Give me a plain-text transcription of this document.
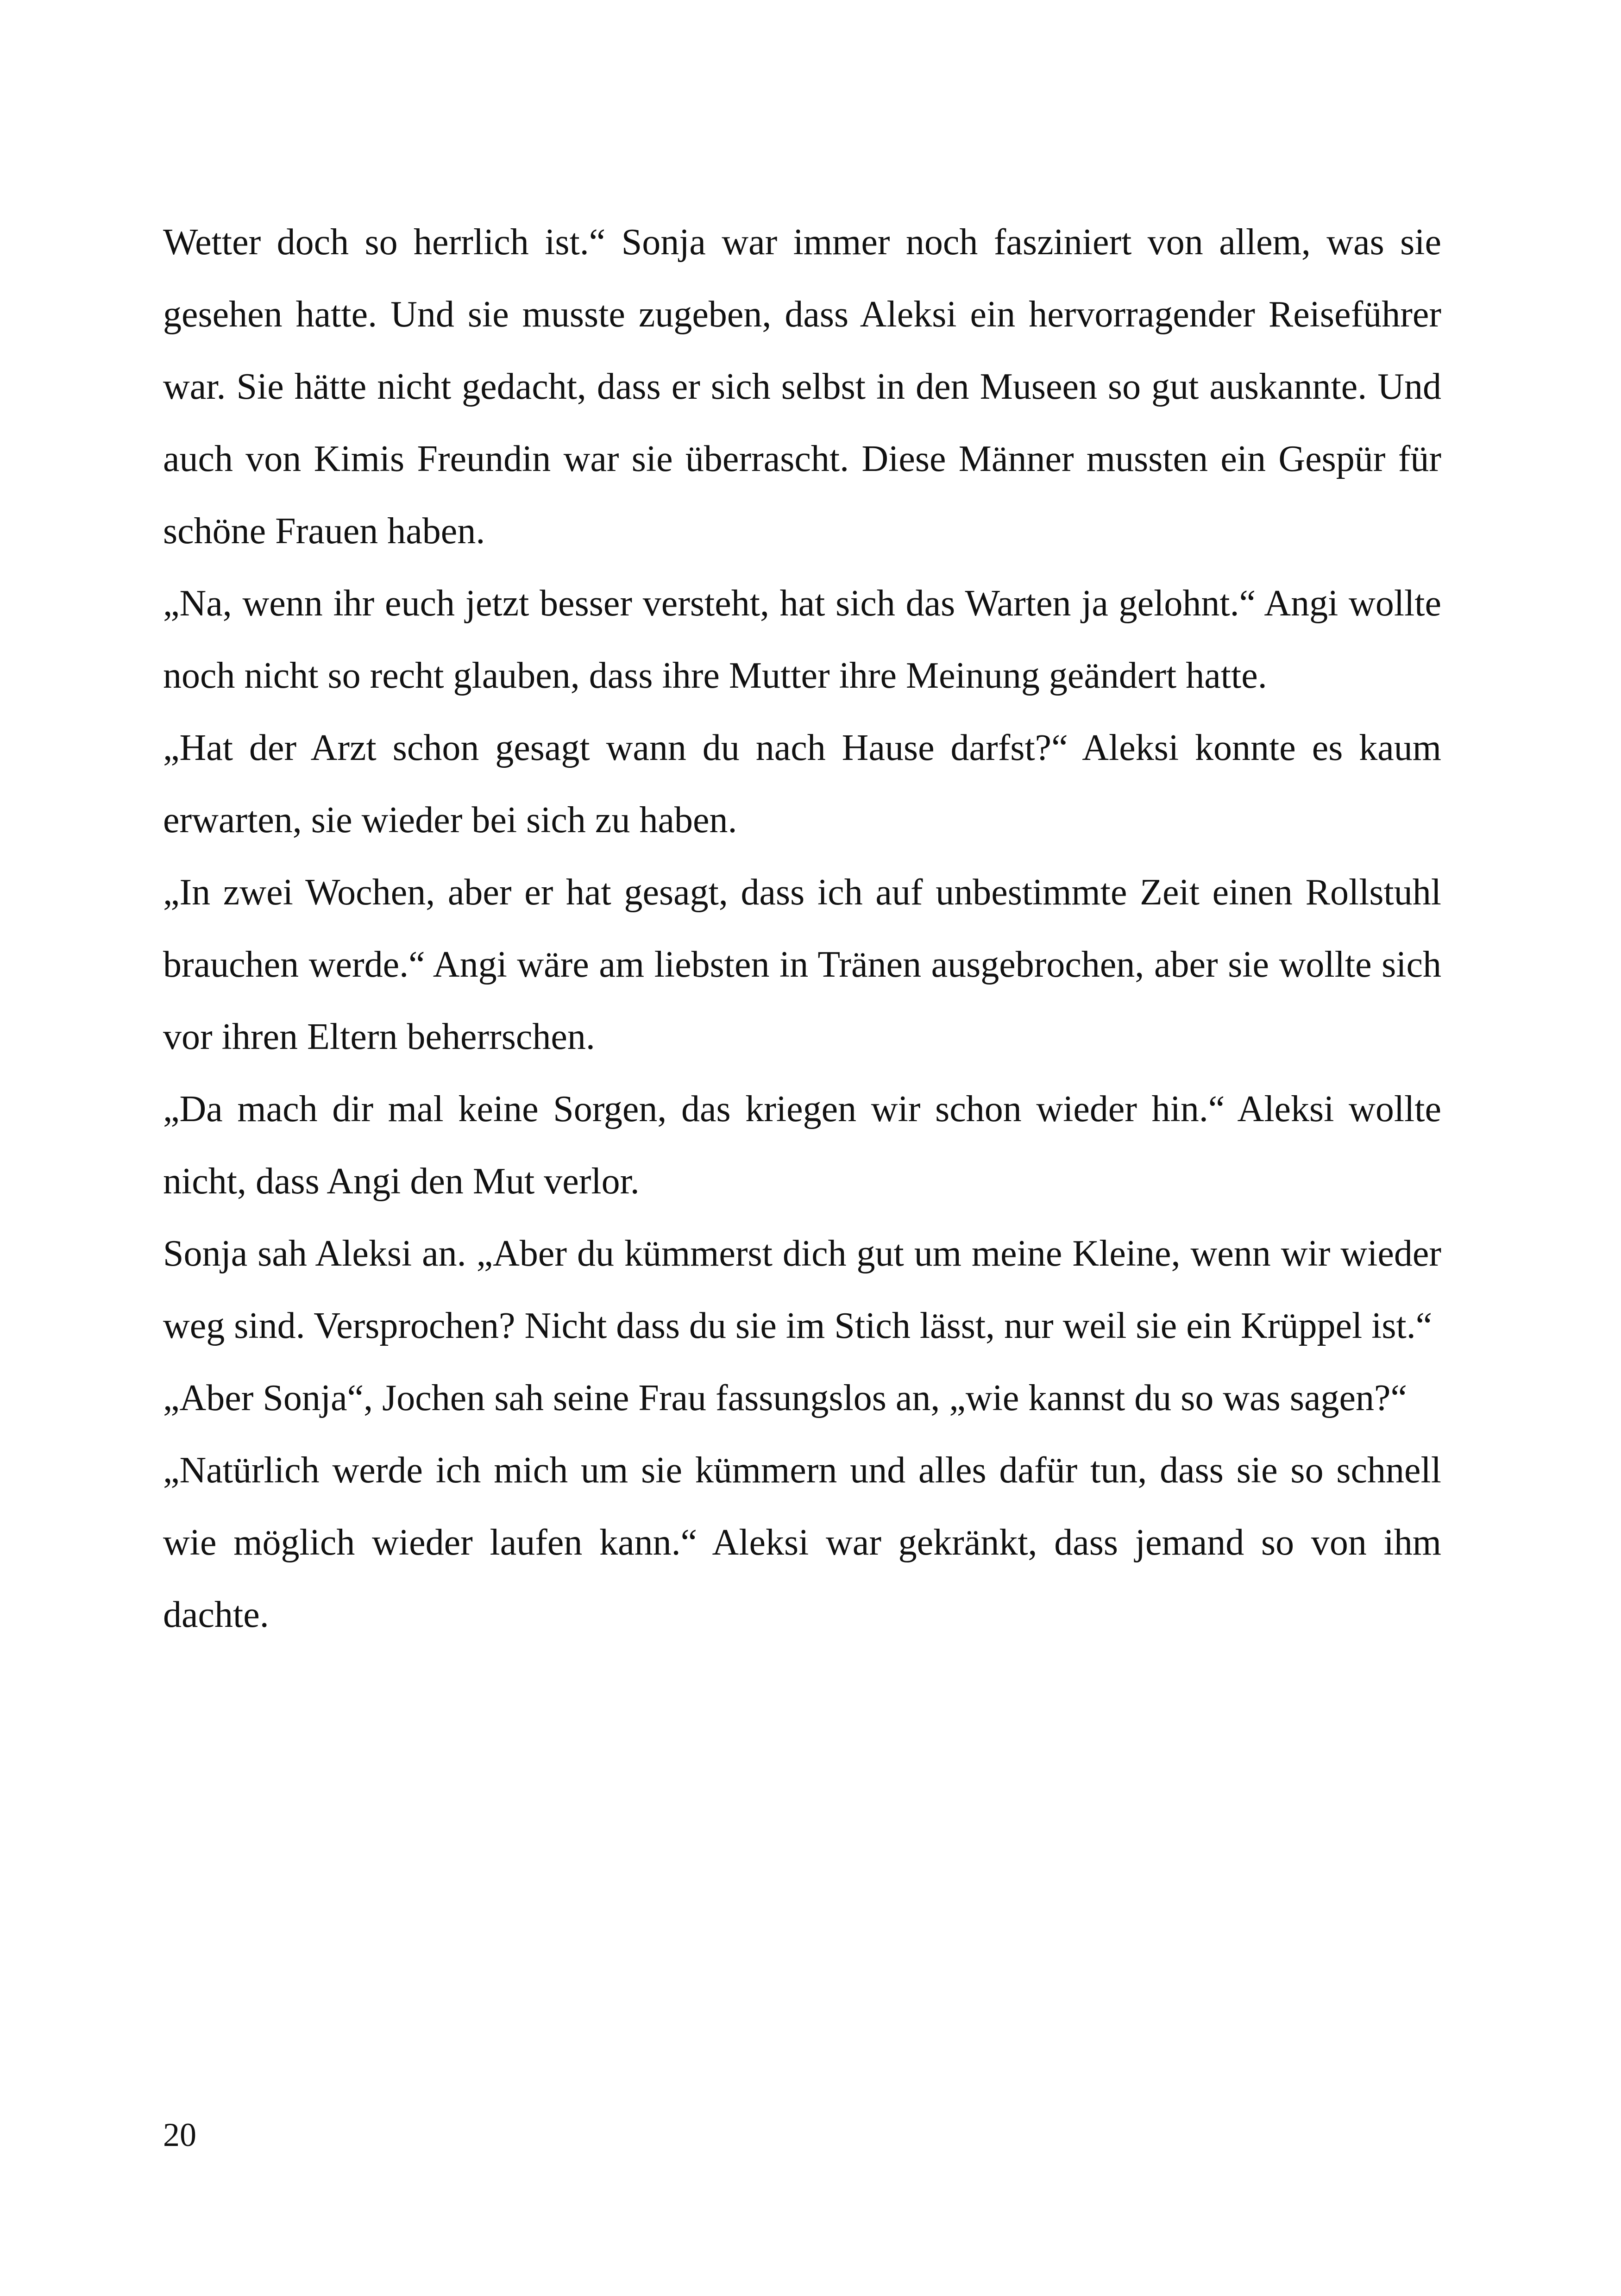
Wetter doch so herrlich ist.“ Sonja war immer noch fasziniert von allem, was sie gesehen hatte. Und sie musste zugeben, dass Aleksi ein hervorragender Reiseführer war. Sie hätte nicht gedacht, dass er sich selbst in den Museen so gut auskannte. Und auch von Kimis Freundin war sie überrascht. Diese Männer mussten ein Gespür für schöne Frauen haben.

„Na, wenn ihr euch jetzt besser versteht, hat sich das Warten ja gelohnt.“ Angi wollte noch nicht so recht glauben, dass ihre Mutter ihre Meinung geändert hatte.

„Hat der Arzt schon gesagt wann du nach Hause darfst?“ Aleksi konnte es kaum erwarten, sie wieder bei sich zu haben.

„In zwei Wochen, aber er hat gesagt, dass ich auf unbestimmte Zeit einen Rollstuhl brauchen werde.“ Angi wäre am liebsten in Tränen ausgebrochen, aber sie wollte sich vor ihren Eltern beherrschen.

„Da mach dir mal keine Sorgen, das kriegen wir schon wieder hin.“ Aleksi wollte nicht, dass Angi den Mut verlor.

Sonja sah Aleksi an. „Aber du kümmerst dich gut um meine Kleine, wenn wir wieder weg sind. Versprochen? Nicht dass du sie im Stich lässt, nur weil sie ein Krüppel ist.“

„Aber Sonja“, Jochen sah seine Frau fassungslos an, „wie kannst du so was sagen?“

„Natürlich werde ich mich um sie kümmern und alles dafür tun, dass sie so schnell wie möglich wieder laufen kann.“ Aleksi war gekränkt, dass jemand so von ihm dachte.

20
